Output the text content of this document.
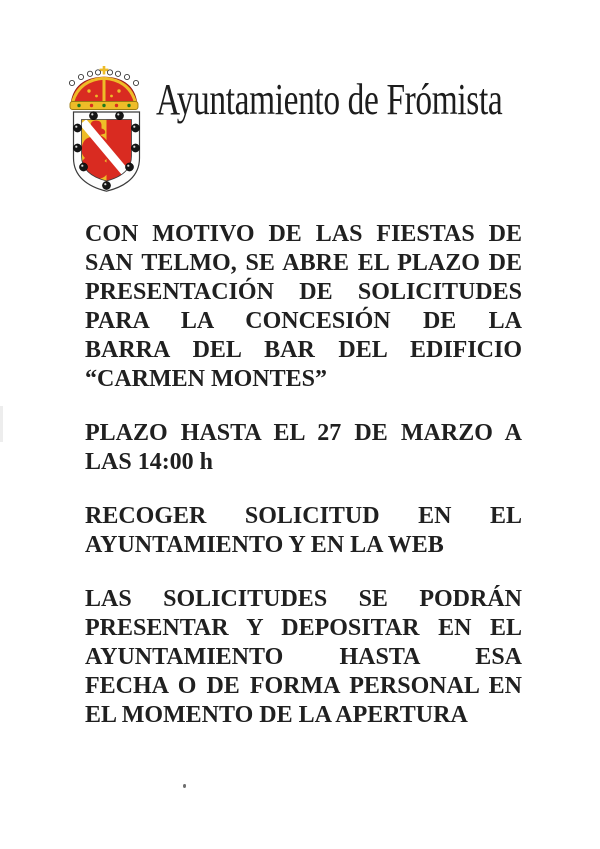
Ayuntamiento de Frómista
CON MOTIVO DE LAS FIESTAS DE
SAN TELMO, SE ABRE EL PLAZO DE
PRESENTACIÓN DE SOLICITUDES
PARA LA CONCESIÓN DE LA
BARRA DEL BAR DEL EDIFICIO
“CARMEN MONTES”
PLAZO HASTA EL 27 DE MARZO A
LAS 14:00 h
RECOGER SOLICITUD EN EL
AYUNTAMIENTO Y EN LA WEB
LAS SOLICITUDES SE PODRÁN
PRESENTAR Y DEPOSITAR EN EL
AYUNTAMIENTO HASTA ESA
FECHA O DE FORMA PERSONAL EN
EL MOMENTO DE LA APERTURA
